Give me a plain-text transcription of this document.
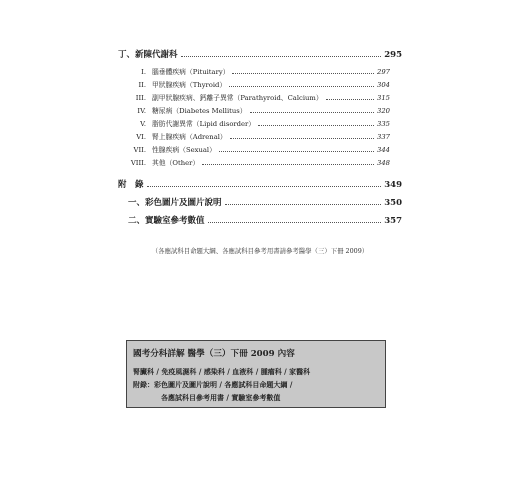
丁、新陳代謝科	295
I. 腦垂體疾病（Pituitary）	297
II. 甲狀腺疾病（Thyroid）	304
III. 副甲狀腺疾病、鈣離子異常（Parathyroid、Calcium）	315
IV. 糖尿病（Diabetes Mellitus）	320
V. 脂肪代謝異常（Lipid disorder）	335
VI. 腎上腺疾病（Adrenal）	337
VII. 性腺疾病（Sexual）	344
VIII. 其他（Other）	348
附　錄	349
一、彩色圖片及圖片說明	350
二、實驗室參考數值	357
（各應試科目命題大綱、各應試科目參考用書請參考醫學（三）下冊 2009）
國考分科詳解 醫學（三）下冊 2009 內容
腎臟科 / 免疫風濕科 / 感染科 / 血液科 / 腫瘤科 / 家醫科
附錄：彩色圖片及圖片說明 / 各應試科目命題大綱 /
各應試科目參考用書 / 實驗室參考數值
